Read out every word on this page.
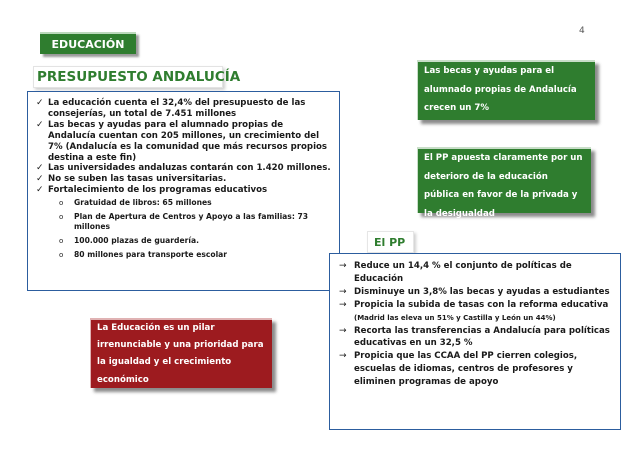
4
EDUCACIÓN
PRESUPUESTO ANDALUCÍA
✓ La educación cuenta el 32,4% del presupuesto de las consejerías, un total de 7.451 millones
✓ Las becas y ayudas para el alumnado propias de Andalucía cuentan con 205 millones, un crecimiento del 7% (Andalucía es la comunidad que más recursos propios destina a este fin)
✓ Las universidades andaluzas contarán con 1.420 millones.
✓ No se suben las tasas universitarias.
✓ Fortalecimiento de los programas educativos
o Gratuidad de libros: 65 millones
o Plan de Apertura de Centros y Apoyo a las familias: 73 millones
o 100.000 plazas de guardería.
o 80 millones para transporte escolar
Las becas y ayudas para el alumnado propias de Andalucía crecen un 7%
El PP apuesta claramente por un deterioro de la educación pública en favor de la privada y la desigualdad
El PP
→ Reduce un 14,4 % el conjunto de políticas de Educación
→ Disminuye un 3,8% las becas y ayudas a estudiantes
→ Propicia la subida de tasas con la reforma educativa (Madrid las eleva un 51% y Castilla y León un 44%)
→ Recorta las transferencias a Andalucía para políticas educativas en un 32,5 %
→ Propicia que las CCAA del PP cierren colegios, escuelas de idiomas, centros de profesores y eliminen programas de apoyo
La Educación es un pilar irrenunciable y una prioridad para la igualdad y el crecimiento económico
